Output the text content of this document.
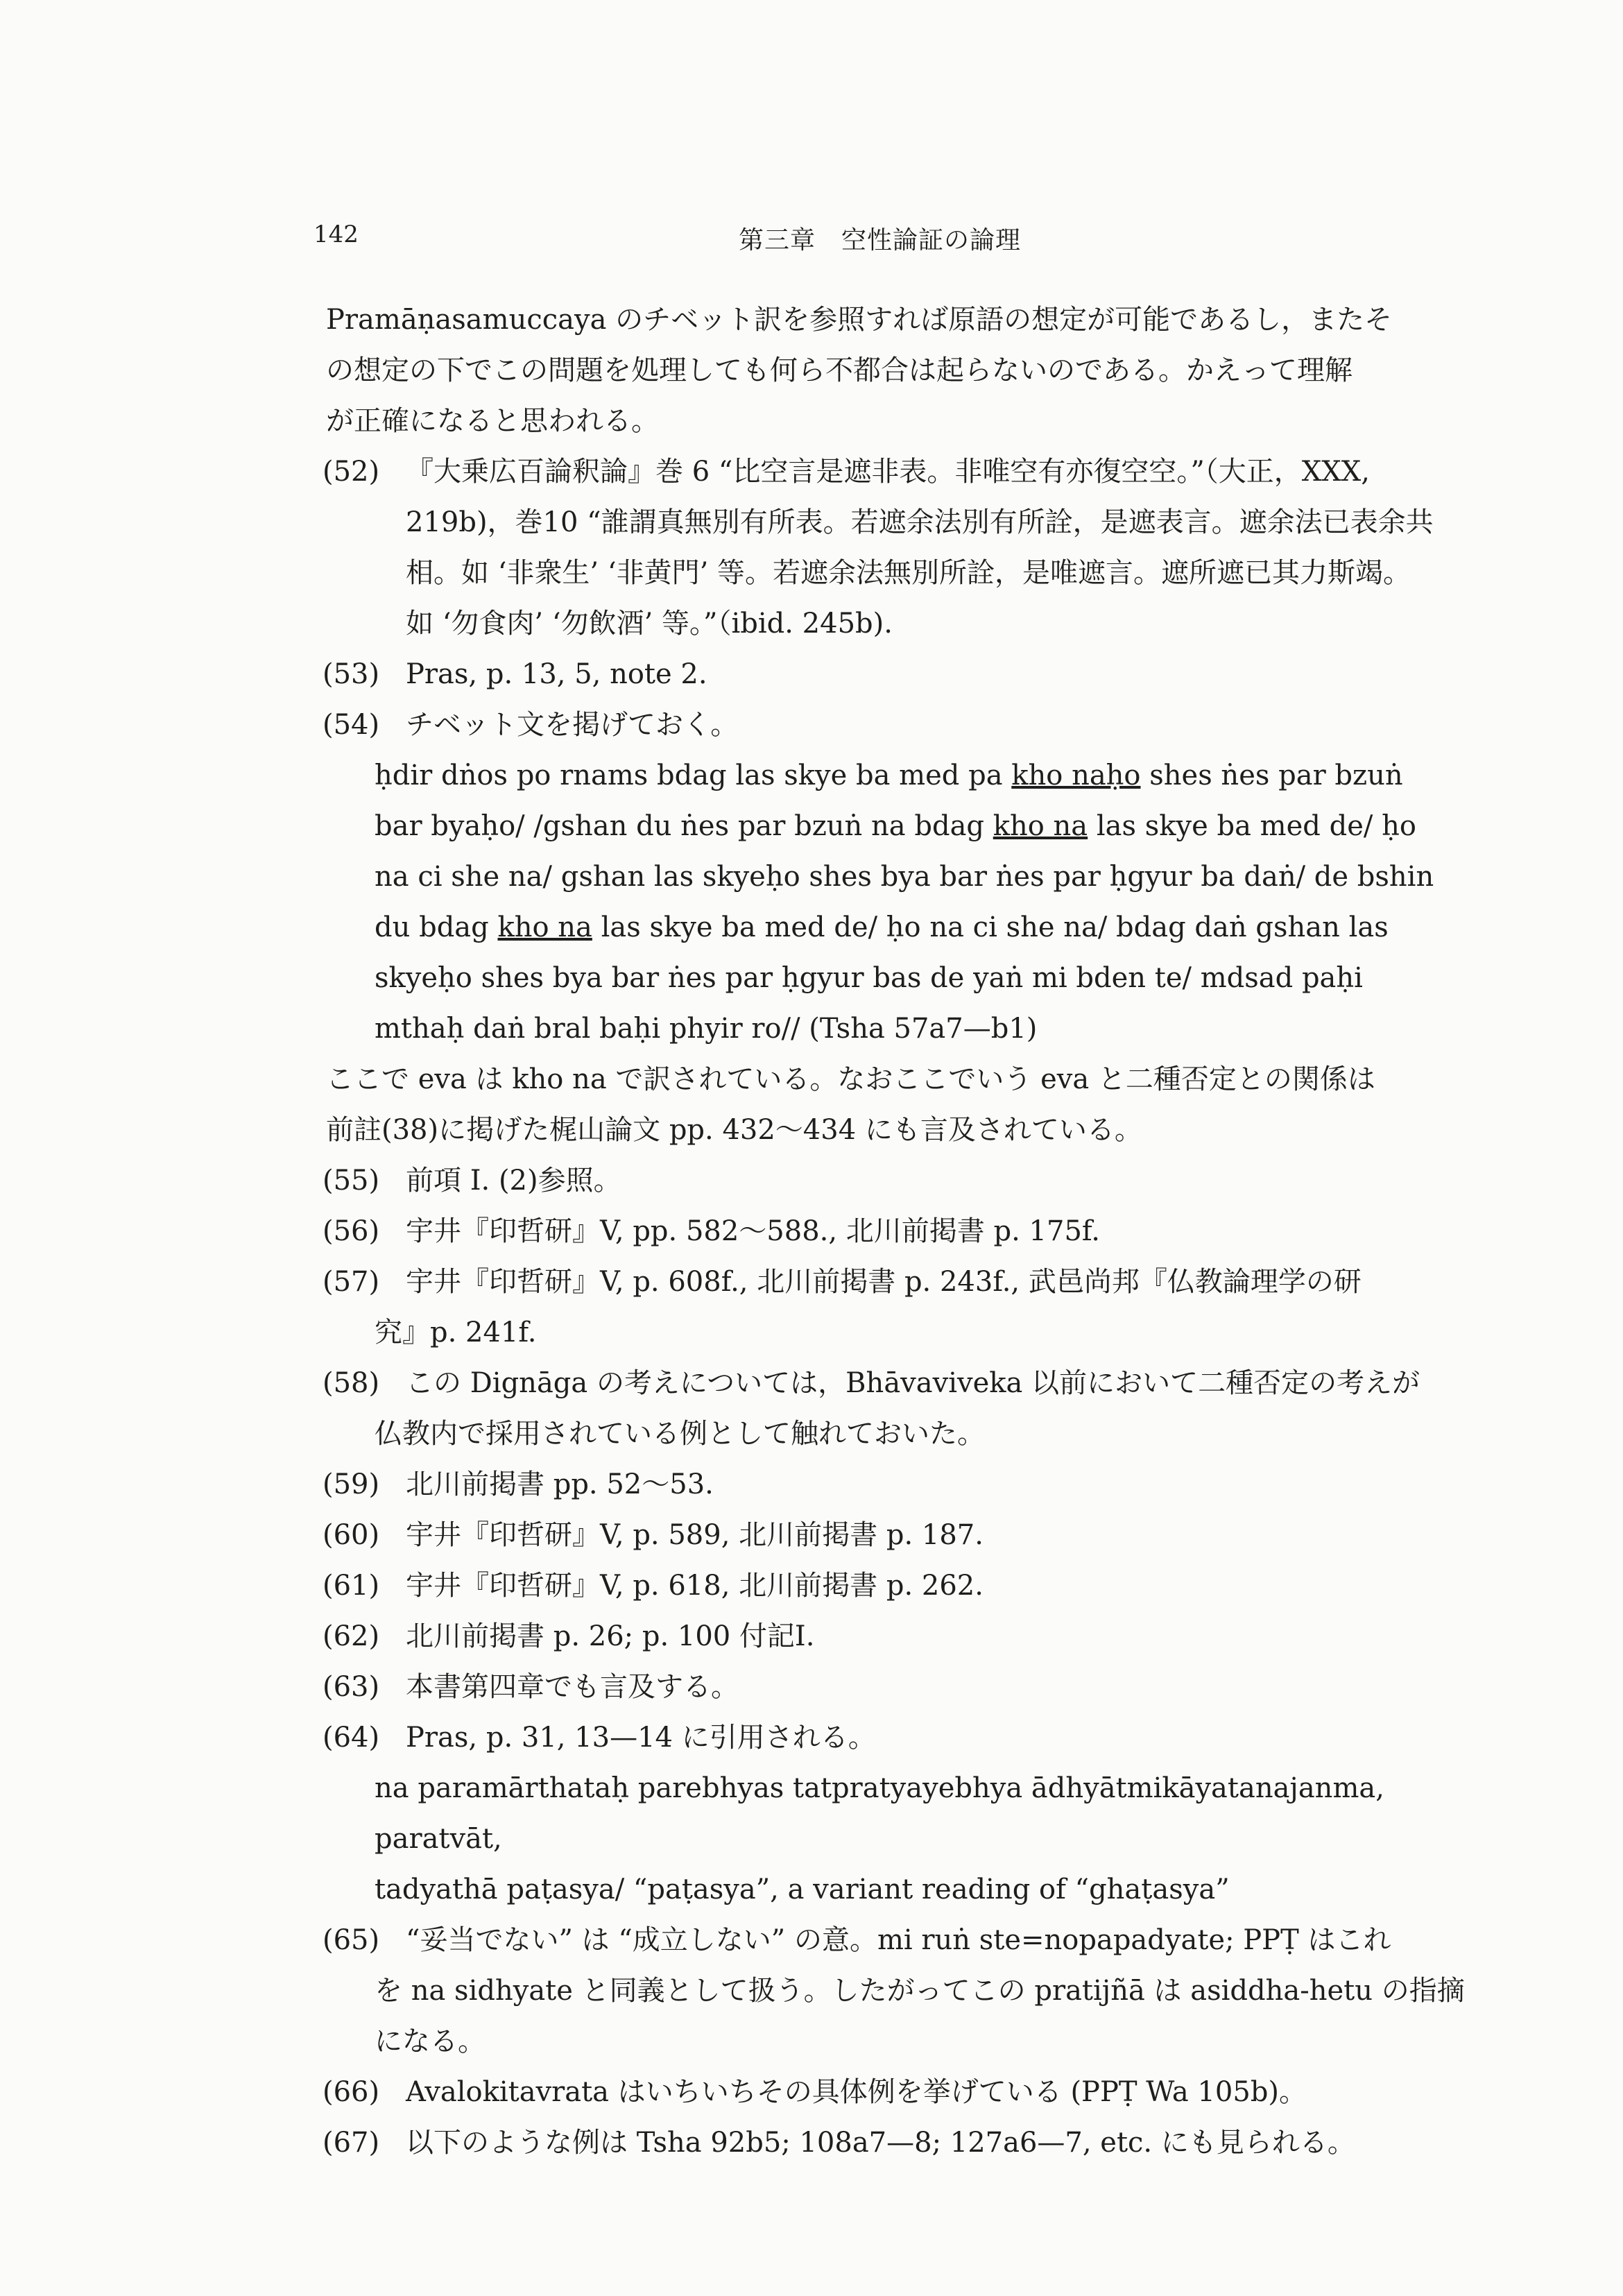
142	第三章　空性論証の論理

Pramāṇasamuccaya のチベット訳を参照すれば原語の想定が可能であるし，またそ

の想定の下でこの問題を処理しても何ら不都合は起らないのである。かえって理解

が正確になると思われる。

(52) 『大乗広百論釈論』巻 6 “比空言是遮非表。非唯空有亦復空空。”（大正，XXX,
219b)，巻10 “誰謂真無別有所表。若遮余法別有所詮，是遮表言。遮余法已表余共
相。如 ‘非衆生’ ‘非黄門’ 等。若遮余法無別所詮，是唯遮言。遮所遮已其力斯竭。
如 ‘勿食肉’ ‘勿飲酒’ 等。”（ibid. 245b).
(53) Pras, p. 13, 5, note 2.
(54) チベット文を掲げておく。

ḥdir dṅos po rnams bdag las skye ba med pa kho naḥo shes ṅes par bzuṅ

bar byaḥo/ /gshan du ṅes par bzuṅ na bdag kho na las skye ba med de/ ḥo

na ci she na/ gshan las skyeḥo shes bya bar ṅes par ḥgyur ba daṅ/ de bshin

du bdag kho na las skye ba med de/ ḥo na ci she na/ bdag daṅ gshan las

skyeḥo shes bya bar ṅes par ḥgyur bas de yaṅ mi bden te/ mdsad paḥi

mthaḥ daṅ bral baḥi phyir ro// (Tsha 57a7—b1)

ここで eva は kho na で訳されている。なおここでいう eva と二種否定との関係は

前註(38)に掲げた梶山論文 pp. 432～434 にも言及されている。

(55) 前項 I. (2)参照。
(56) 宇井『印哲研』V, pp. 582～588., 北川前掲書 p. 175f.
(57) 宇井『印哲研』V, p. 608f., 北川前掲書 p. 243f., 武邑尚邦『仏教論理学の研

究』p. 241f.

(58) この Dignāga の考えについては，Bhāvaviveka 以前において二種否定の考えが

仏教内で採用されている例として触れておいた。

(59) 北川前掲書 pp. 52～53.
(60) 宇井『印哲研』V, p. 589, 北川前掲書 p. 187.
(61) 宇井『印哲研』V, p. 618, 北川前掲書 p. 262.
(62) 北川前掲書 p. 26; p. 100 付記I.
(63) 本書第四章でも言及する。
(64) Pras, p. 31, 13—14 に引用される。

na paramārthataḥ parebhyas tatpratyayebhya ādhyātmikāyatanajanma, paratvāt,

tadyathā paṭasya/ “paṭasya”, a variant reading of “ghaṭasya”

(65) “妥当でない” は “成立しない” の意。mi ruṅ ste=nopapadyate; PPṬ はこれ

を na sidhyate と同義として扱う。したがってこの pratijñā は asiddha-hetu の指摘

になる。

(66) Avalokitavrata はいちいちその具体例を挙げている (PPṬ Wa 105b)。
(67) 以下のような例は Tsha 92b5; 108a7—8; 127a6—7, etc. にも見られる。
